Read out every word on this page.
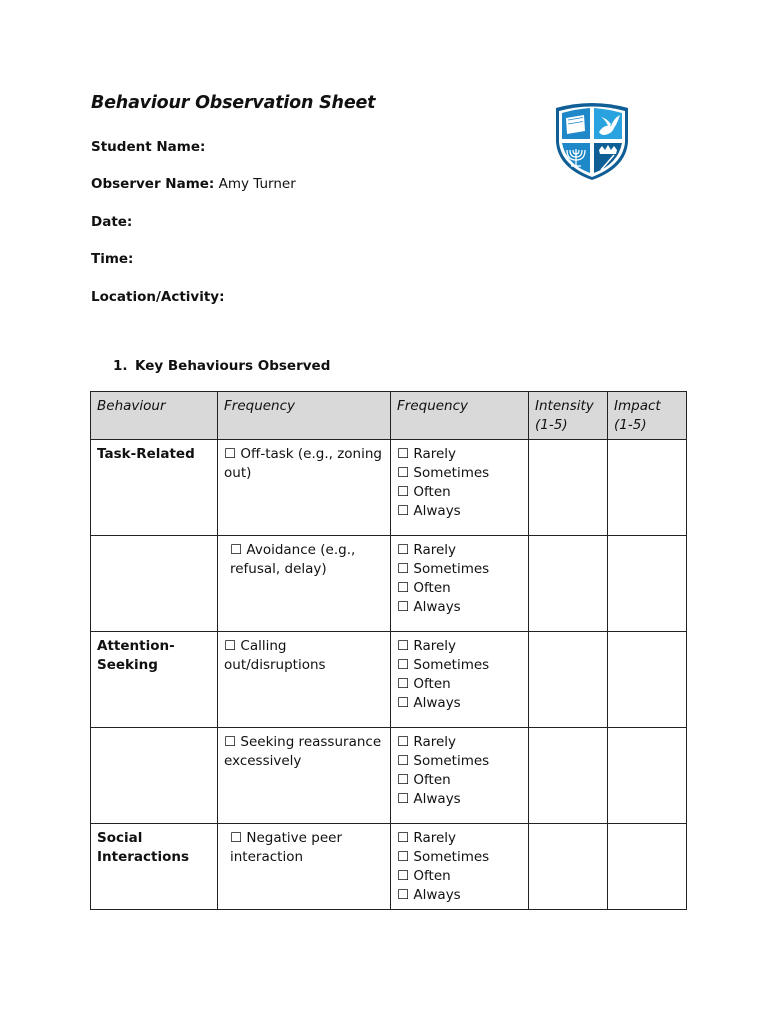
Behaviour Observation Sheet
Student Name:
Observer Name: Amy Turner
Date:
Time:
Location/Activity:
1. Key Behaviours Observed
Behaviour	Frequency	Frequency	Intensity (1-5)	Impact (1-5)
Task-Related	☐ Off-task (e.g., zoning out)	☐ Rarely
☐ Sometimes
☐ Often
☐ Always		

	☐ Avoidance (e.g., refusal, delay)	☐ Rarely
☐ Sometimes
☐ Often
☐ Always		

Attention-Seeking	☐ Calling out/disruptions	☐ Rarely
☐ Sometimes
☐ Often
☐ Always		

	☐ Seeking reassurance excessively	☐ Rarely
☐ Sometimes
☐ Often
☐ Always		

Social Interactions	☐ Negative peer interaction	☐ Rarely
☐ Sometimes
☐ Often
☐ Always		
